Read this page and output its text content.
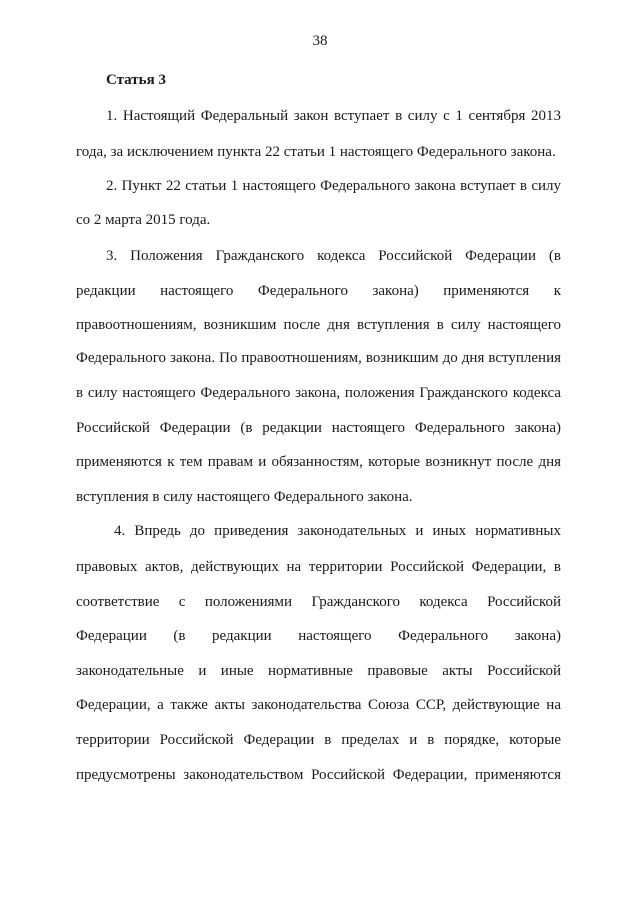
38
Статья 3
1. Настоящий Федеральный закон вступает в силу с 1 сентября 2013
года, за исключением пункта 22 статьи 1 настоящего Федерального закона.
2. Пункт 22 статьи 1 настоящего Федерального закона вступает в силу
со 2 марта 2015 года.
3. Положения Гражданского кодекса Российской Федерации (в
редакции настоящего Федерального закона) применяются к
правоотношениям, возникшим после дня вступления в силу настоящего
Федерального закона. По правоотношениям, возникшим до дня вступления
в силу настоящего Федерального закона, положения Гражданского кодекса
Российской Федерации (в редакции настоящего Федерального закона)
применяются к тем правам и обязанностям, которые возникнут после дня
вступления в силу настоящего Федерального закона.
4. Впредь до приведения законодательных и иных нормативных
правовых актов, действующих на территории Российской Федерации, в
соответствие с положениями Гражданского кодекса Российской
Федерации (в редакции настоящего Федерального закона)
законодательные и иные нормативные правовые акты Российской
Федерации, а также акты законодательства Союза ССР, действующие на
территории Российской Федерации в пределах и в порядке, которые
предусмотрены законодательством Российской Федерации, применяются
